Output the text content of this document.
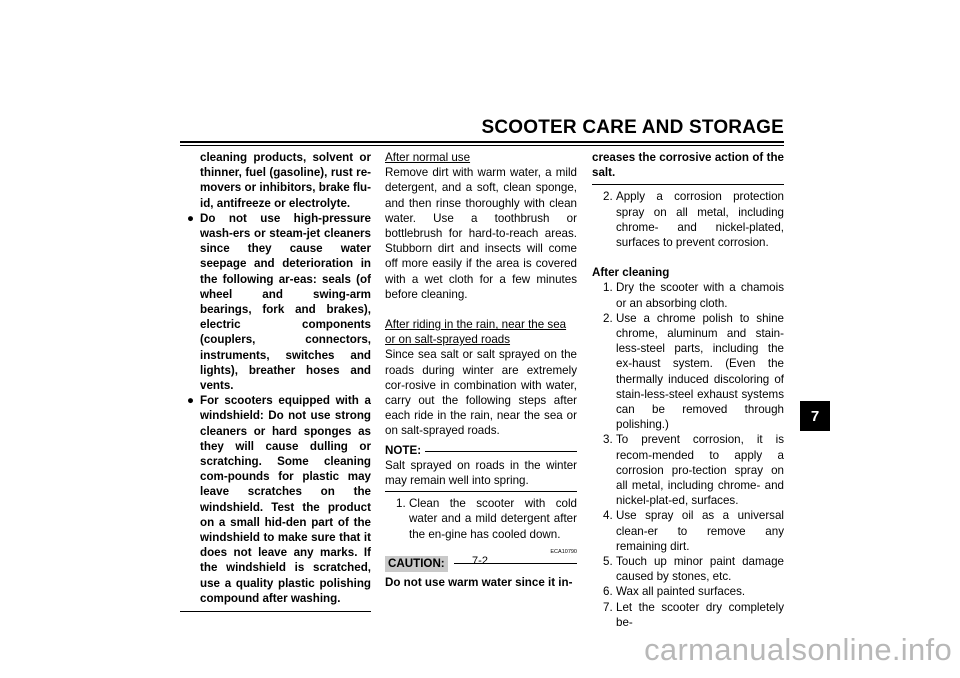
SCOOTER CARE AND STORAGE
cleaning products, solvent or thinner, fuel (gasoline), rust re-movers or inhibitors, brake flu-id, antifreeze or electrolyte.
● Do not use high-pressure wash-ers or steam-jet cleaners since they cause water seepage and deterioration in the following ar-eas: seals (of wheel and swing-arm bearings, fork and brakes), electric components (couplers, connectors, instruments, switches and lights), breather hoses and vents.
● For scooters equipped with a windshield: Do not use strong cleaners or hard sponges as they will cause dulling or scratching. Some cleaning com-pounds for plastic may leave scratches on the windshield. Test the product on a small hid-den part of the windshield to make sure that it does not leave any marks. If the windshield is scratched, use a quality plastic polishing compound after washing.
After normal use
Remove dirt with warm water, a mild detergent, and a soft, clean sponge, and then rinse thoroughly with clean water. Use a toothbrush or bottlebrush for hard-to-reach areas. Stubborn dirt and insects will come off more easily if the area is covered with a wet cloth for a few minutes before cleaning.
After riding in the rain, near the sea or on salt-sprayed roads
Since sea salt or salt sprayed on the roads during winter are extremely cor-rosive in combination with water, carry out the following steps after each ride in the rain, near the sea or on salt-sprayed roads.
NOTE:
Salt sprayed on roads in the winter may remain well into spring.
1. Clean the scooter with cold water and a mild detergent after the en-gine has cooled down.
ECA10790
CAUTION:
Do not use warm water since it in-
creases the corrosive action of the salt.
2. Apply a corrosion protection spray on all metal, including chrome- and nickel-plated, surfaces to prevent corrosion.
After cleaning
1. Dry the scooter with a chamois or an absorbing cloth.
2. Use a chrome polish to shine chrome, aluminum and stain-less-steel parts, including the ex-haust system. (Even the thermally induced discoloring of stain-less-steel exhaust systems can be removed through polishing.)
3. To prevent corrosion, it is recom-mended to apply a corrosion pro-tection spray on all metal, including chrome- and nickel-plat-ed, surfaces.
4. Use spray oil as a universal clean-er to remove any remaining dirt.
5. Touch up minor paint damage caused by stones, etc.
6. Wax all painted surfaces.
7. Let the scooter dry completely be-
7-2
7
carmanualsonline.info
